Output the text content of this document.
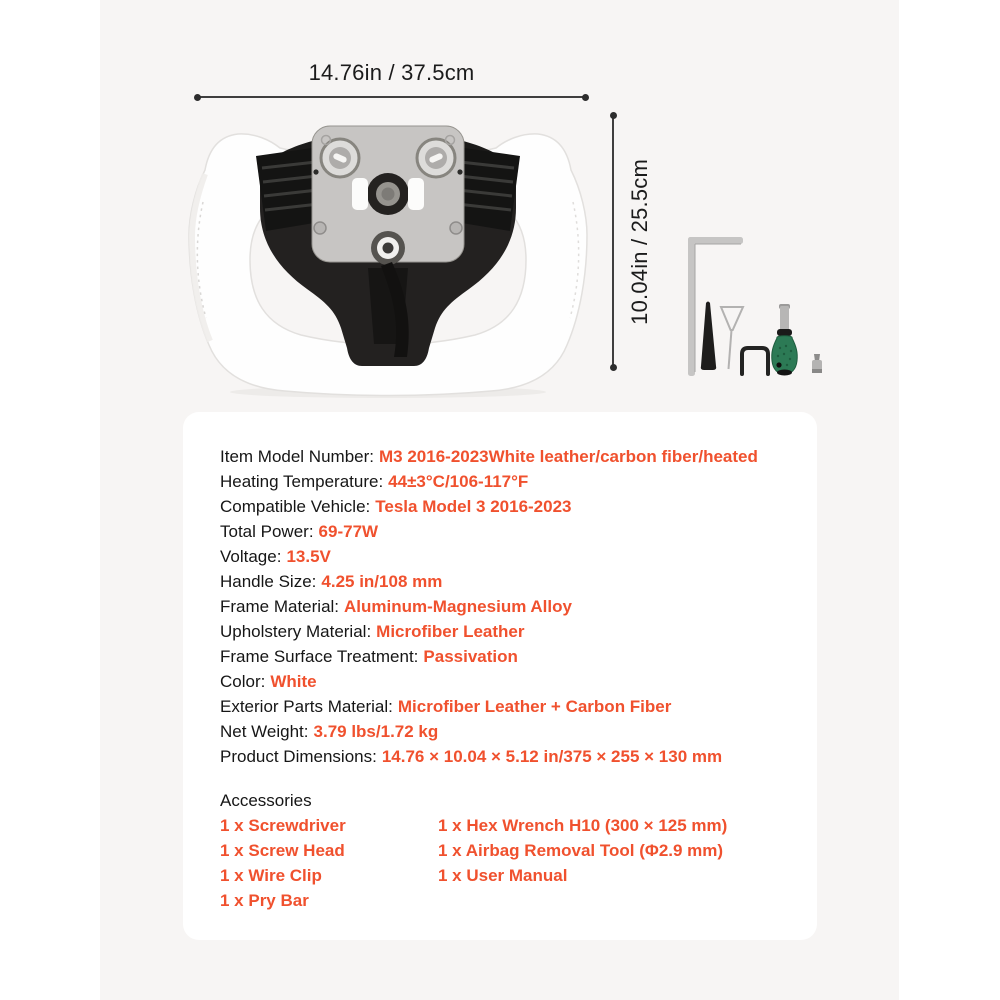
14.76in / 37.5cm
10.04in / 25.5cm
Item Model Number: M3 2016-2023White leather/carbon fiber/heated
Heating Temperature: 44±3°C/106-117°F
Compatible Vehicle: Tesla Model 3 2016-2023
Total Power: 69-77W
Voltage: 13.5V
Handle Size: 4.25 in/108 mm
Frame Material: Aluminum-Magnesium Alloy
Upholstery Material: Microfiber Leather
Frame Surface Treatment: Passivation
Color: White
Exterior Parts Material: Microfiber Leather + Carbon Fiber
Net Weight: 3.79 lbs/1.72 kg
Product Dimensions: 14.76 × 10.04 × 5.12 in/375 × 255 × 130 mm
Accessories
1 x Screwdriver
1 x Screw Head
1 x Wire Clip
1 x Pry Bar
1 x Hex Wrench H10 (300 × 125 mm)
1 x Airbag Removal Tool (Φ2.9 mm)
1 x User Manual
